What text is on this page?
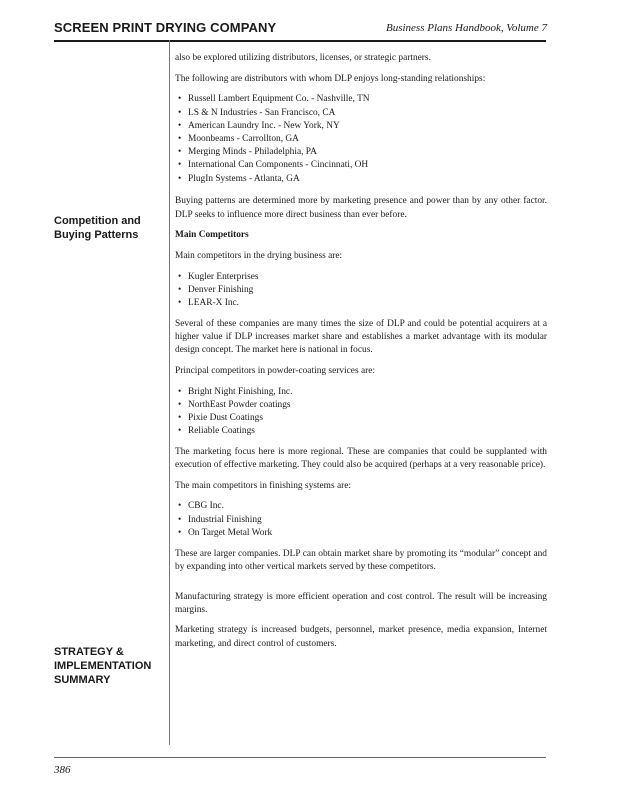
SCREEN PRINT DRYING COMPANY	Business Plans Handbook, Volume 7
Competition and Buying Patterns
STRATEGY &
IMPLEMENTATION
SUMMARY

also be explored utilizing distributors, licenses, or strategic partners.

The following are distributors with whom DLP enjoys long-standing relationships:

• Russell Lambert Equipment Co. - Nashville, TN
• LS & N Industries - San Francisco, CA
• American Laundry Inc. - New York, NY
• Moonbeams - Carrollton, GA
• Merging Minds - Philadelphia, PA
• International Can Components - Cincinnati, OH
• PlugIn Systems - Atlanta, GA

Buying patterns are determined more by marketing presence and power than by any other factor. DLP seeks to influence more direct business than ever before.

Main Competitors

Main competitors in the drying business are:

• Kugler Enterprises
• Denver Finishing
• LEAR-X Inc.

Several of these companies are many times the size of DLP and could be potential acquirers at a higher value if DLP increases market share and establishes a market advantage with its modular design concept. The market here is national in focus.

Principal competitors in powder-coating services are:

• Bright Night Finishing, Inc.
• NorthEast Powder coatings
• Pixie Dust Coatings
• Reliable Coatings

The marketing focus here is more regional. These are companies that could be supplanted with execution of effective marketing. They could also be acquired (perhaps at a very reasonable price).

The main competitors in finishing systems are:

• CBG Inc.
• Industrial Finishing
• On Target Metal Work

These are larger companies. DLP can obtain market share by promoting its “modular” concept and by expanding into other vertical markets served by these competitors.

Manufacturing strategy is more efficient operation and cost control. The result will be increasing margins.

Marketing strategy is increased budgets, personnel, market presence, media expansion, Internet marketing, and direct control of customers.

386
